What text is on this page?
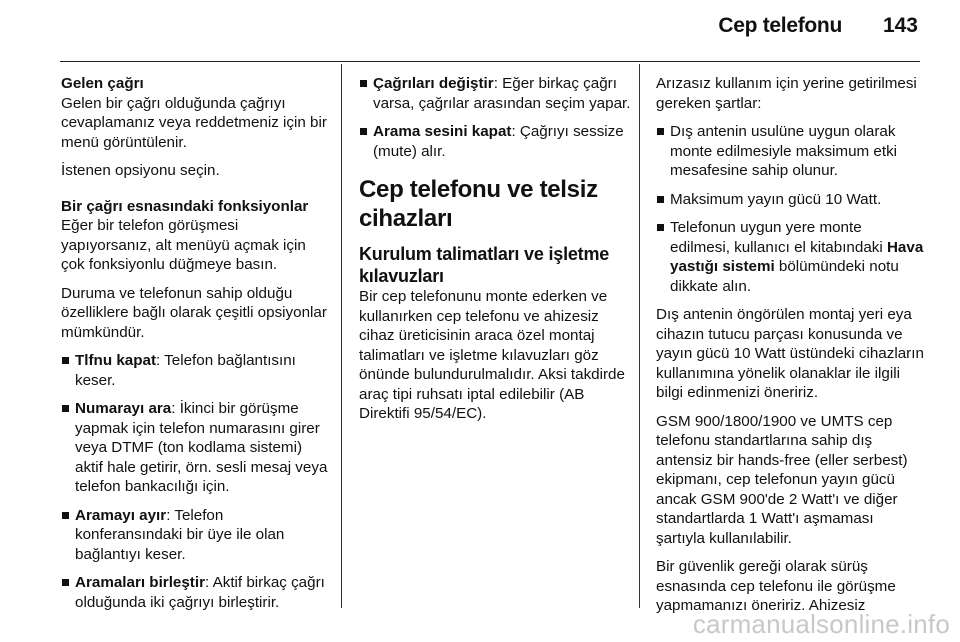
Cep telefonu 143
Gelen çağrı

Gelen bir çağrı olduğunda çağrıyı cevaplamanız veya reddetmeniz için bir menü görüntülenir.

İstenen opsiyonu seçin.

Bir çağrı esnasındaki fonksiyonlar

Eğer bir telefon görüşmesi yapıyorsanız, alt menüyü açmak için çok fonksiyonlu düğmeye basın.

Duruma ve telefonun sahip olduğu özelliklere bağlı olarak çeşitli opsiyonlar mümkündür.

Tlfnu kapat: Telefon bağlantısını keser.
Numarayı ara: İkinci bir görüşme yapmak için telefon numarasını girer veya DTMF (ton kodlama sistemi) aktif hale getirir, örn. sesli mesaj veya telefon bankacılığı için.
Aramayı ayır: Telefon konferansındaki bir üye ile olan bağlantıyı keser.
Aramaları birleştir: Aktif birkaç çağrı olduğunda iki çağrıyı birleştirir.
Çağrıları değiştir: Eğer birkaç çağrı varsa, çağrılar arasından seçim yapar.
Arama sesini kapat: Çağrıyı sessize (mute) alır.
Cep telefonu ve telsiz cihazları
Kurulum talimatları ve işletme kılavuzları

Bir cep telefonunu monte ederken ve kullanırken cep telefonu ve ahizesiz cihaz üreticisinin araca özel montaj talimatları ve işletme kılavuzları göz önünde bulundurulmalıdır. Aksi takdirde araç tipi ruhsatı iptal edilebilir (AB Direktifi 95/54/EC).

Arızasız kullanım için yerine getirilmesi gereken şartlar:

Dış antenin usulüne uygun olarak monte edilmesiyle maksimum etki mesafesine sahip olunur.
Maksimum yayın gücü 10 Watt.
Telefonun uygun yere monte edilmesi, kullanıcı el kitabındaki Hava yastığı sistemi bölümündeki notu dikkate alın.

Dış antenin öngörülen montaj yeri eya cihazın tutucu parçası konusunda ve yayın gücü 10 Watt üstündeki cihazların kullanımına yönelik olanaklar ile ilgili bilgi edinmenizi öneririz.

GSM 900/1800/1900 ve UMTS cep telefonu standartlarına sahip dış antensiz bir hands-free (eller serbest) ekipmanı, cep telefonun yayın gücü ancak GSM 900'de 2 Watt'ı ve diğer standartlarda 1 Watt'ı aşmaması şartıyla kullanılabilir.

Bir güvenlik gereği olarak sürüş esnasında cep telefonu ile görüşme yapmamanızı öneririz. Ahizesiz

carmanualsonline.info
